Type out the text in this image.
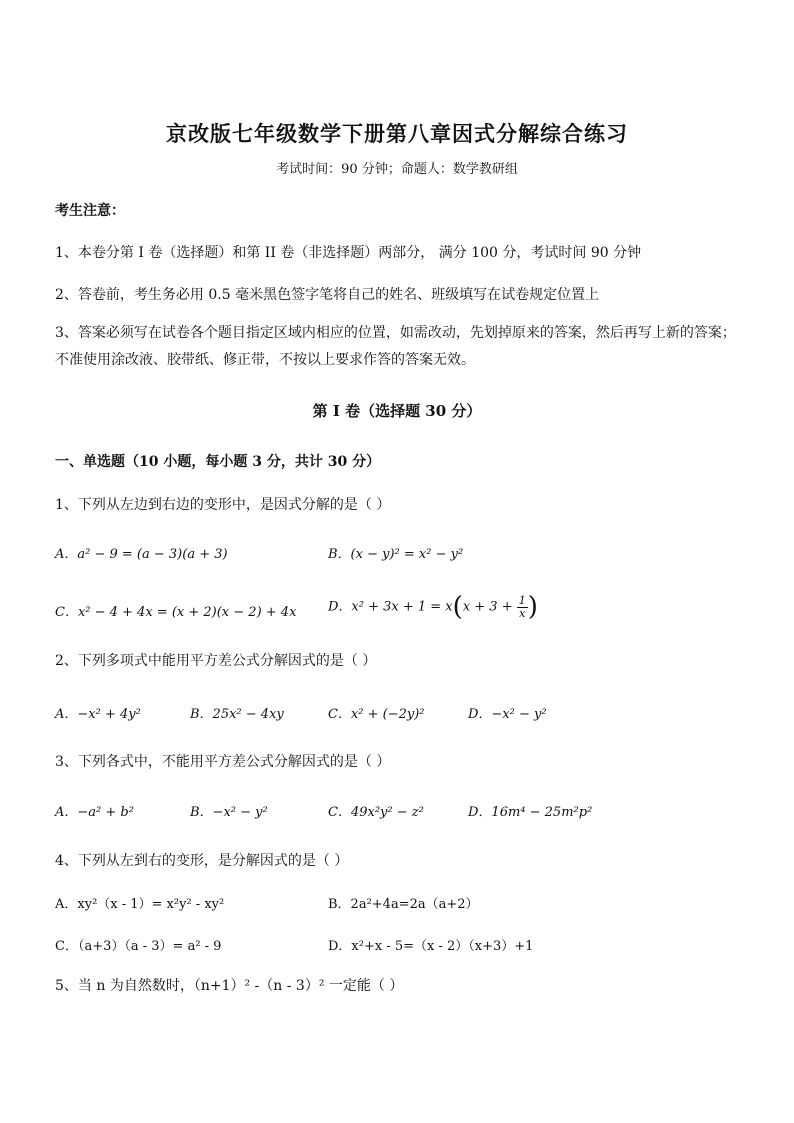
京改版七年级数学下册第八章因式分解综合练习
考试时间：90 分钟；命题人：数学教研组
考生注意：
1、本卷分第 I 卷（选择题）和第 II 卷（非选择题）两部分， 满分 100 分，考试时间 90 分钟
2、答卷前，考生务必用 0.5 毫米黑色签字笔将自己的姓名、班级填写在试卷规定位置上
3、答案必须写在试卷各个题目指定区域内相应的位置，如需改动，先划掉原来的答案，然后再写上新的答案；不准使用涂改液、胶带纸、修正带，不按以上要求作答的答案无效。
第 I 卷（选择题 30 分）
一、单选题（10 小题，每小题 3 分，共计 30 分）
1、下列从左边到右边的变形中，是因式分解的是（ ）
A．a² − 9 = (a − 3)(a + 3)	B．(x − y)² = x² − y²
C．x² − 4 + 4x = (x + 2)(x − 2) + 4x D．$x^2 + 3x + 1 = x(x + 3 + \frac{1}{x}$ )
2、下列多项式中能用平方差公式分解因式的是（ ）
A．−x² + 4y²	B．25x² − 4xy	C．x² + (−2y)²	D．−x² − y²
3、下列各式中，不能用平方差公式分解因式的是（ ）
A．−a² + b²	B．−x² − y²	C．49x²y² − z²	D．16m⁴ − 25m²p²
4、下列从左到右的变形，是分解因式的是（ ）
A．xy²（x - 1）= x²y² - xy²	B．2a²+4a=2a（a+2）
C．（a+3）（a - 3）= a² - 9	D．x²+x - 5=（x - 2）（x+3）+1
5、当 n 为自然数时，（n+1）² -（n - 3）² 一定能（ ）
